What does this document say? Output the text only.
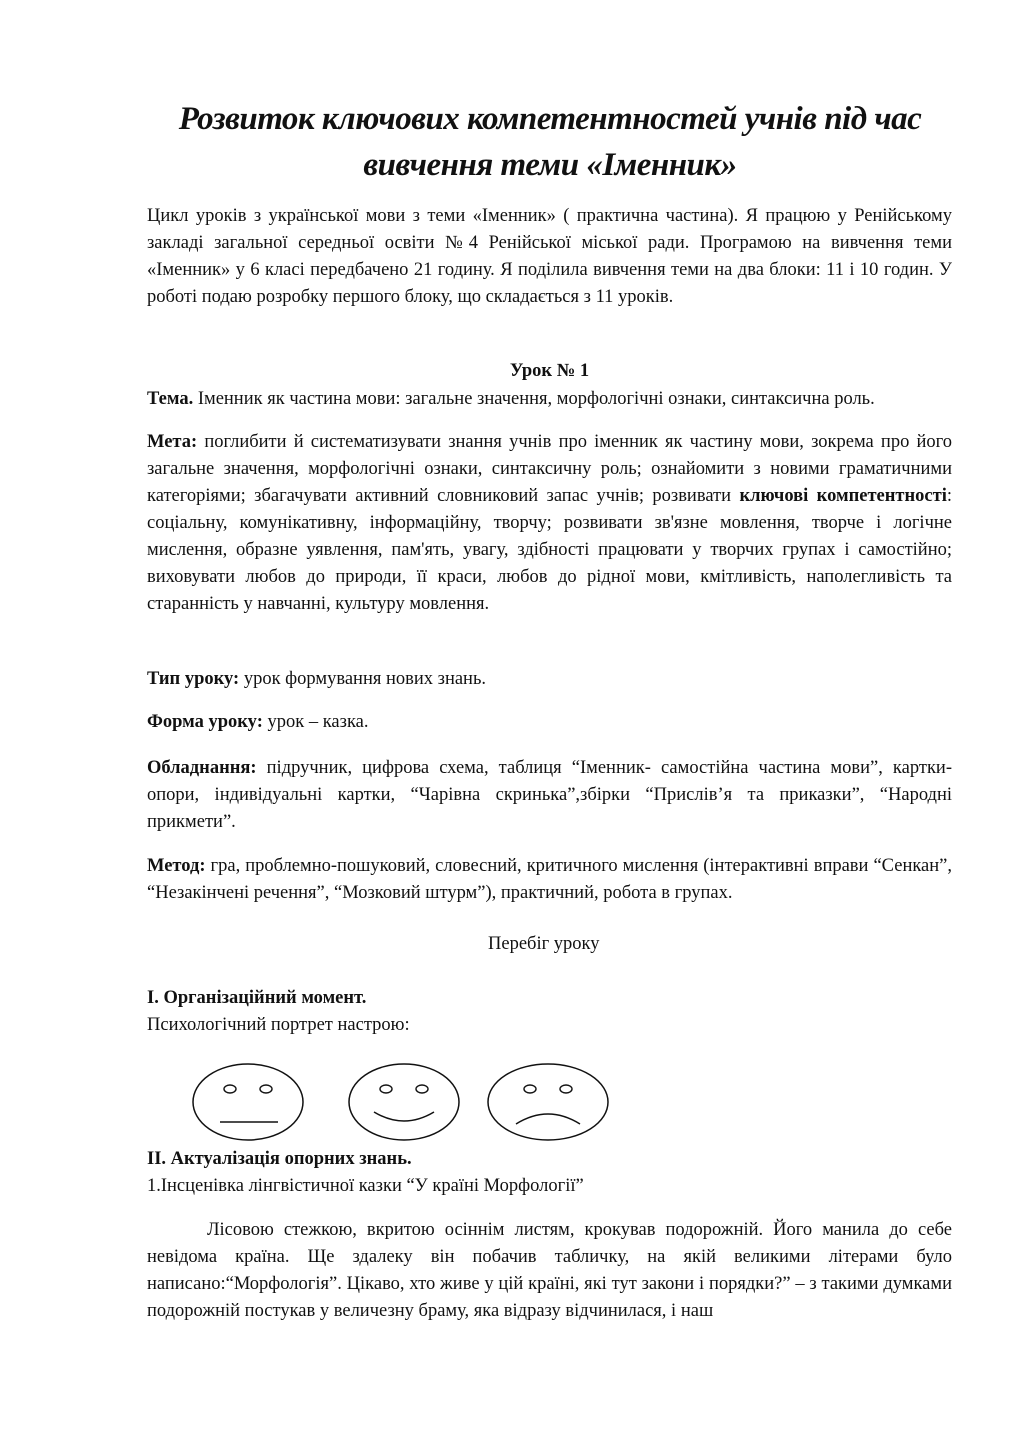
Розвиток ключових компетентностей учнів під час
вивчення теми «Іменник»
Цикл уроків з української мови з теми «Іменник» ( практична частина). Я працюю у Ренійському закладі загальної середньої освіти №4 Ренійської міської ради. Програмою на вивчення теми «Іменник» у 6 класі передбачено 21 годину. Я поділила вивчення теми на два блоки: 11 і 10 годин. У роботі подаю розробку першого блоку, що складається з 11 уроків.
Урок № 1
Тема. Іменник як частина мови: загальне значення, морфологічні ознаки, синтаксична роль.
Мета: поглибити й систематизувати знання учнів про іменник як частину мови, зокрема про його загальне значення, морфологічні ознаки, синтаксичну роль; ознайомити з новими граматичними категоріями; збагачувати активний словниковий запас учнів; розвивати ключові компетентності: соціальну, комунікативну, інформаційну, творчу; розвивати зв'язне мовлення, творче і логічне мислення, образне уявлення, пам'ять, увагу, здібності працювати у творчих групах і самостійно; виховувати любов до природи, її краси, любов до рідної мови, кмітливість, наполегливість та старанність у навчанні, культуру мовлення.
Тип уроку: урок формування нових знань.
Форма уроку: урок – казка.
Обладнання: підручник, цифрова схема, таблиця “Іменник- самостійна частина мови”, картки-опори, індивідуальні картки, “Чарівна скринька”,збірки “Прислів’я та приказки”, “Народні прикмети”.
Метод: гра, проблемно-пошуковий, словесний, критичного мислення (інтерактивні вправи “Сенкан”, “Незакінчені речення”, “Мозковий штурм”), практичний, робота в групах.
Перебіг уроку
І. Організаційний момент.
Психологічний портрет настрою:
ІІ. Актуалізація опорних знань.
1.Інсценівка лінгвістичної казки “У країні Морфології”
Лісовою стежкою, вкритою осіннім листям, крокував подорожній. Його манила до себе невідома країна. Ще здалеку він побачив табличку, на якій великими літерами було написано:“Морфологія”. Цікаво, хто живе у цій країні, які тут закони і порядки?” – з такими думками подорожній постукав у величезну браму, яка відразу відчинилася, і наш
